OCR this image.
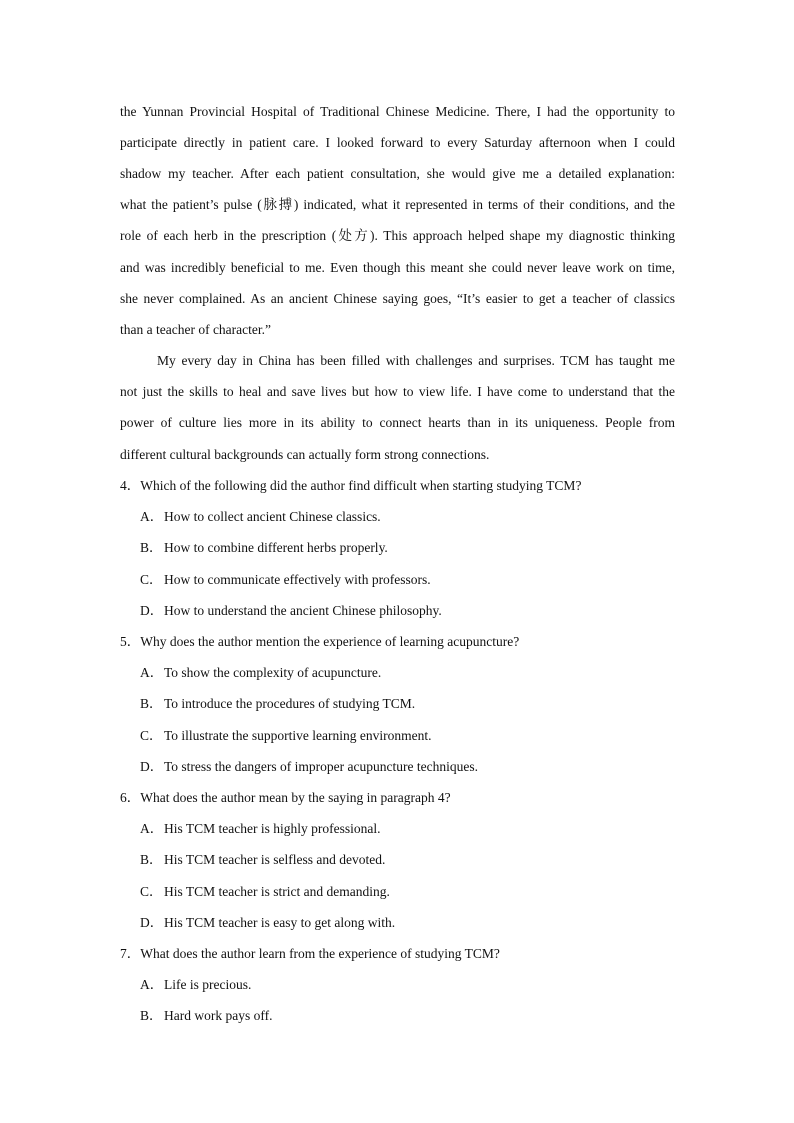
the Yunnan Provincial Hospital of Traditional Chinese Medicine. There, I had the opportunity to
participate directly in patient care. I looked forward to every Saturday afternoon when I could
shadow my teacher. After each patient consultation, she would give me a detailed explanation:
what the patient’s pulse (脉搏) indicated, what it represented in terms of their conditions, and the
role of each herb in the prescription (处方). This approach helped shape my diagnostic thinking
and was incredibly beneficial to me. Even though this meant she could never leave work on time,
she never complained. As an ancient Chinese saying goes, “It’s easier to get a teacher of classics
than a teacher of character.”
My every day in China has been filled with challenges and surprises. TCM has taught me
not just the skills to heal and save lives but how to view life. I have come to understand that the
power of culture lies more in its ability to connect hearts than in its uniqueness. People from
different cultural backgrounds can actually form strong connections.
4．Which of the following did the author find difficult when starting studying TCM?
A．How to collect ancient Chinese classics.
B．How to combine different herbs properly.
C．How to communicate effectively with professors.
D．How to understand the ancient Chinese philosophy.
5．Why does the author mention the experience of learning acupuncture?
A．To show the complexity of acupuncture.
B．To introduce the procedures of studying TCM.
C．To illustrate the supportive learning environment.
D．To stress the dangers of improper acupuncture techniques.
6．What does the author mean by the saying in paragraph 4?
A．His TCM teacher is highly professional.
B．His TCM teacher is selfless and devoted.
C．His TCM teacher is strict and demanding.
D．His TCM teacher is easy to get along with.
7．What does the author learn from the experience of studying TCM?
A．Life is precious.
B．Hard work pays off.
